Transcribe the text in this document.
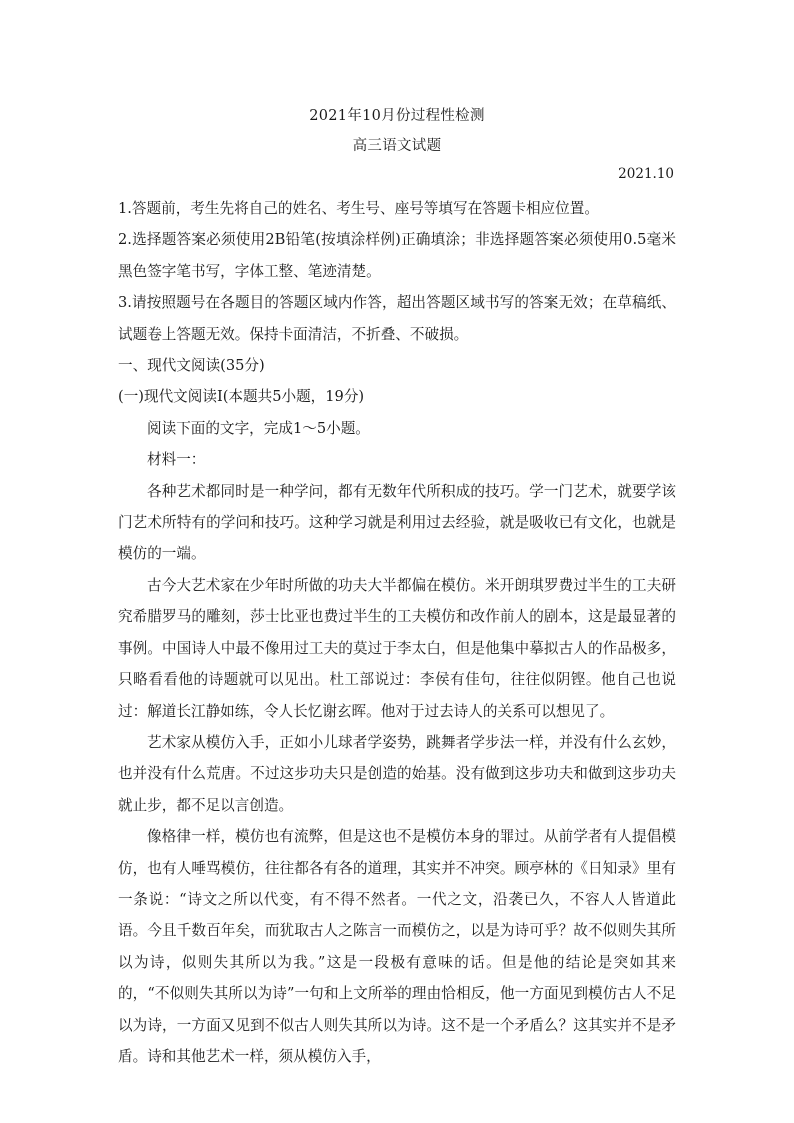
2021年10月份过程性检测
高三语文试题
2021.10

1.答题前，考生先将自己的姓名、考生号、座号等填写在答题卡相应位置。

2.选择题答案必须使用2B铅笔(按填涂样例)正确填涂；非选择题答案必须使用0.5毫米黑色签字笔书写，字体工整、笔迹清楚。

3.请按照题号在各题目的答题区域内作答，超出答题区域书写的答案无效；在草稿纸、试题卷上答题无效。保持卡面清洁，不折叠、不破损。

一、现代文阅读(35分)

(一)现代文阅读Ⅰ(本题共5小题，19分)

阅读下面的文字，完成1～5小题。

材料一：

各种艺术都同时是一种学问，都有无数年代所积成的技巧。学一门艺术，就要学该门艺术所特有的学问和技巧。这种学习就是利用过去经验，就是吸收已有文化，也就是模仿的一端。

古今大艺术家在少年时所做的功夫大半都偏在模仿。米开朗琪罗费过半生的工夫研究希腊罗马的雕刻，莎士比亚也费过半生的工夫模仿和改作前人的剧本，这是最显著的事例。中国诗人中最不像用过工夫的莫过于李太白，但是他集中摹拟古人的作品极多，只略看看他的诗题就可以见出。杜工部说过：李侯有佳句，往往似阴铿。他自己也说过：解道长江静如练，令人长忆谢玄晖。他对于过去诗人的关系可以想见了。

艺术家从模仿入手，正如小儿球者学姿势，跳舞者学步法一样，并没有什么玄妙，也并没有什么荒唐。不过这步功夫只是创造的始基。没有做到这步功夫和做到这步功夫就止步，都不足以言创造。

像格律一样，模仿也有流弊，但是这也不是模仿本身的罪过。从前学者有人提倡模仿，也有人唾骂模仿，往往都各有各的道理，其实并不冲突。顾亭林的《日知录》里有一条说：“诗文之所以代变，有不得不然者。一代之文，沿袭已久，不容人人皆道此语。今且千数百年矣，而犹取古人之陈言一而模仿之，以是为诗可乎？故不似则失其所以为诗，似则失其所以为我。”这是一段极有意味的话。但是他的结论是突如其来的，“不似则失其所以为诗”一句和上文所举的理由恰相反，他一方面见到模仿古人不足以为诗，一方面又见到不似古人则失其所以为诗。这不是一个矛盾么？这其实并不是矛盾。诗和其他艺术一样，须从模仿入手，
